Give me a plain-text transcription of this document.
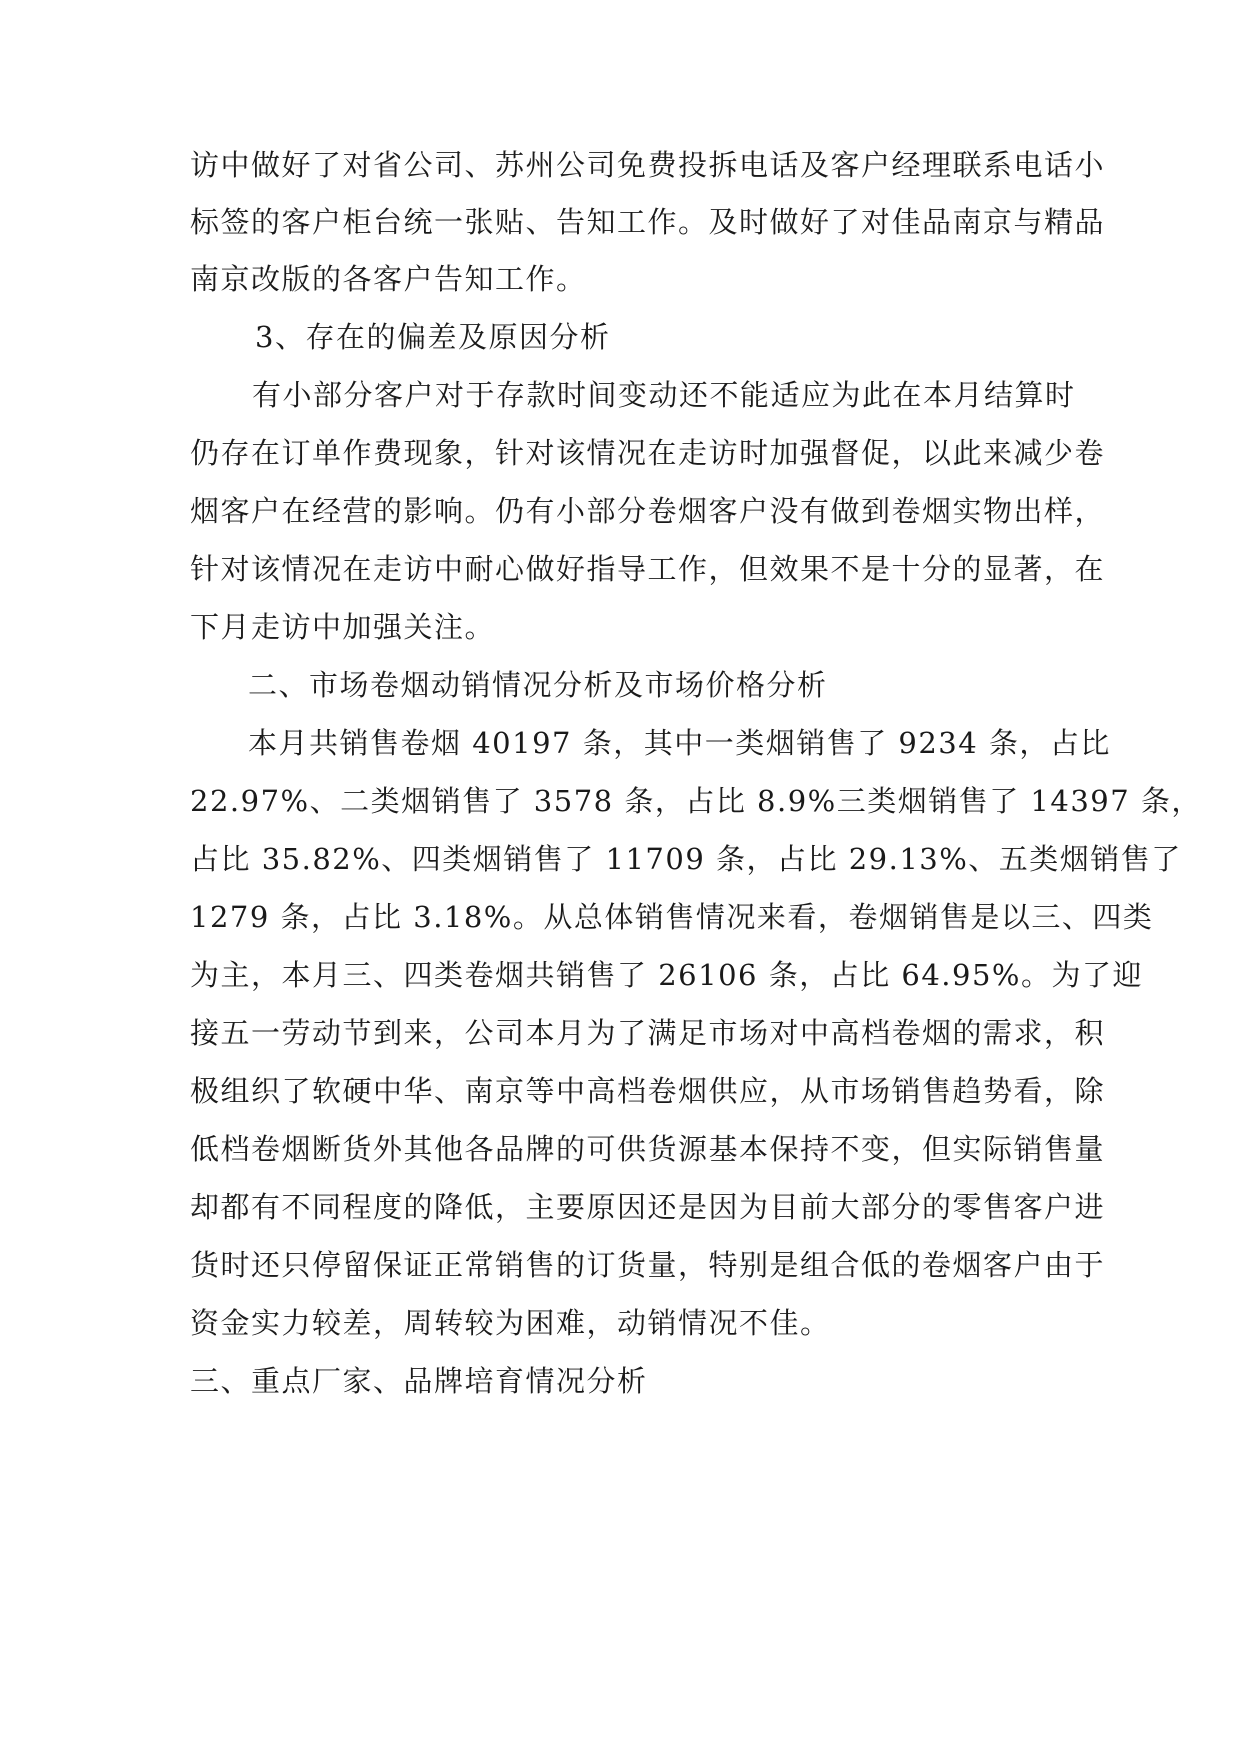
访中做好了对省公司、苏州公司免费投拆电话及客户经理联系电话小
标签的客户柜台统一张贴、告知工作。及时做好了对佳品南京与精品
南京改版的各客户告知工作。
3、存在的偏差及原因分析
有小部分客户对于存款时间变动还不能适应为此在本月结算时
仍存在订单作费现象，针对该情况在走访时加强督促，以此来减少卷
烟客户在经营的影响。仍有小部分卷烟客户没有做到卷烟实物出样，
针对该情况在走访中耐心做好指导工作，但效果不是十分的显著，在
下月走访中加强关注。
二、市场卷烟动销情况分析及市场价格分析
本月共销售卷烟 40197 条，其中一类烟销售了 9234 条，占比
22.97%、二类烟销售了 3578 条，占比 8.9%三类烟销售了 14397 条，
占比 35.82%、四类烟销售了 11709 条，占比 29.13%、五类烟销售了
1279 条，占比 3.18%。从总体销售情况来看，卷烟销售是以三、四类
为主，本月三、四类卷烟共销售了 26106 条，占比 64.95%。为了迎
接五一劳动节到来，公司本月为了满足市场对中高档卷烟的需求，积
极组织了软硬中华、南京等中高档卷烟供应，从市场销售趋势看，除
低档卷烟断货外其他各品牌的可供货源基本保持不变，但实际销售量
却都有不同程度的降低，主要原因还是因为目前大部分的零售客户进
货时还只停留保证正常销售的订货量，特别是组合低的卷烟客户由于
资金实力较差，周转较为困难，动销情况不佳。
三、重点厂家、品牌培育情况分析
